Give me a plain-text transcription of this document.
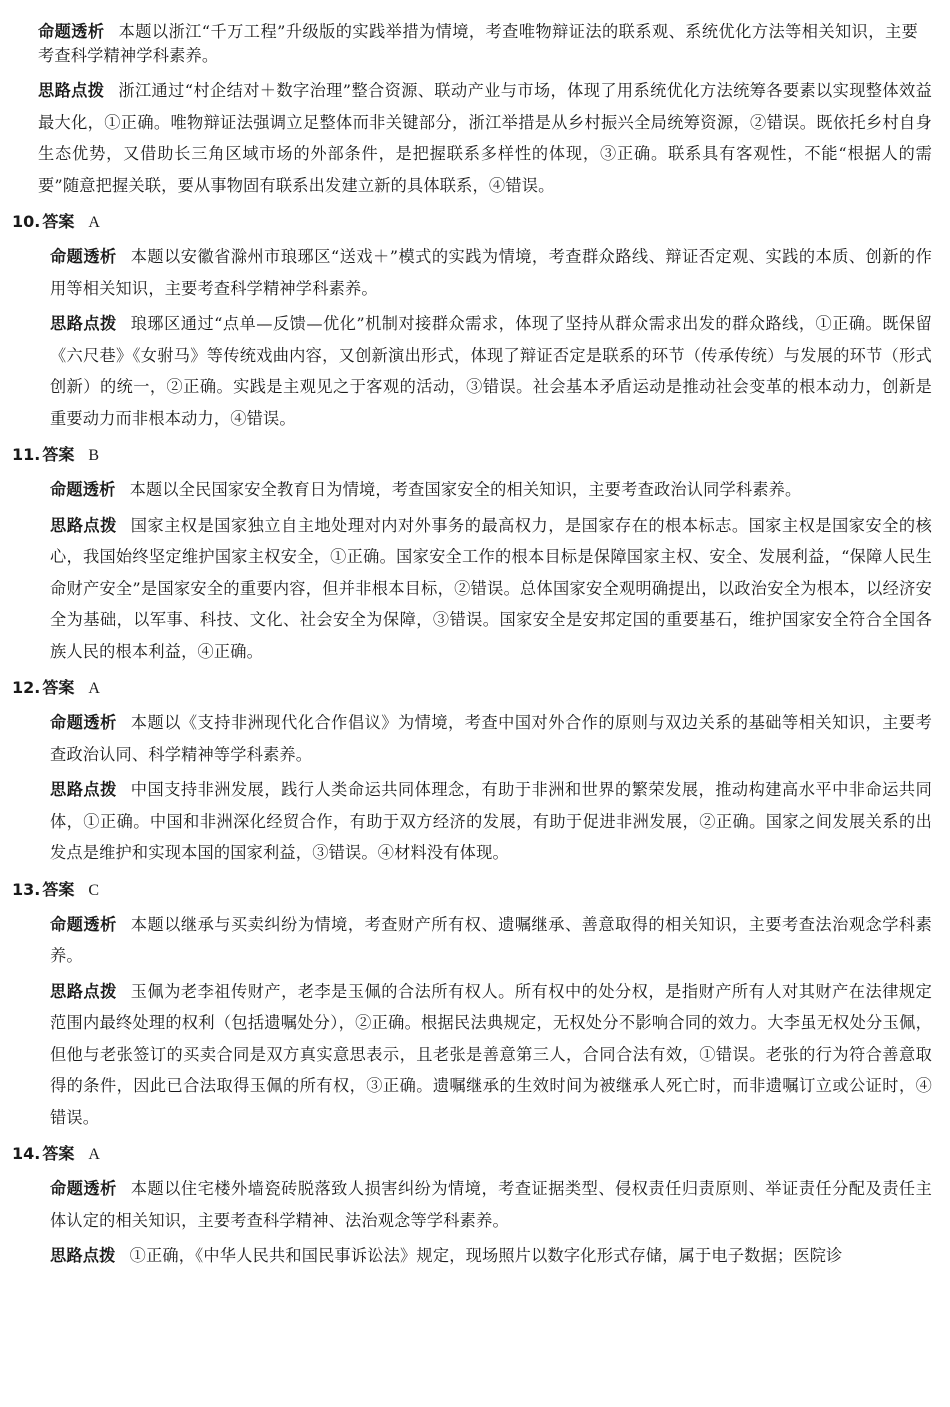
命题透析 本题以浙江“千万工程”升级版的实践举措为情境，考查唯物辩证法的联系观、系统优化方法等相关知识，主要

考查科学精神学科素养。

思路点拨 浙江通过“村企结对＋数字治理”整合资源、联动产业与市场，体现了用系统优化方法统筹各要素以实现整体效益最大化，①正确。唯物辩证法强调立足整体而非关键部分，浙江举措是从乡村振兴全局统筹资源，②错误。既依托乡村自身生态优势，又借助长三角区域市场的外部条件，是把握联系多样性的体现，③正确。联系具有客观性，不能“根据人的需要”随意把握关联，要从事物固有联系出发建立新的具体联系，④错误。

10. 答案 A

命题透析 本题以安徽省滁州市琅琊区“送戏＋”模式的实践为情境，考查群众路线、辩证否定观、实践的本质、创新的作用等相关知识，主要考查科学精神学科素养。

思路点拨 琅琊区通过“点单—反馈—优化”机制对接群众需求，体现了坚持从群众需求出发的群众路线，①正确。既保留《六尺巷》《女驸马》等传统戏曲内容，又创新演出形式，体现了辩证否定是联系的环节（传承传统）与发展的环节（形式创新）的统一，②正确。实践是主观见之于客观的活动，③错误。社会基本矛盾运动是推动社会变革的根本动力，创新是重要动力而非根本动力，④错误。

11. 答案 B

命题透析 本题以全民国家安全教育日为情境，考查国家安全的相关知识，主要考查政治认同学科素养。

思路点拨 国家主权是国家独立自主地处理对内对外事务的最高权力，是国家存在的根本标志。国家主权是国家安全的核心，我国始终坚定维护国家主权安全，①正确。国家安全工作的根本目标是保障国家主权、安全、发展利益，“保障人民生命财产安全”是国家安全的重要内容，但并非根本目标，②错误。总体国家安全观明确提出，以政治安全为根本，以经济安全为基础，以军事、科技、文化、社会安全为保障，③错误。国家安全是安邦定国的重要基石，维护国家安全符合全国各族人民的根本利益，④正确。

12. 答案 A

命题透析 本题以《支持非洲现代化合作倡议》为情境，考查中国对外合作的原则与双边关系的基础等相关知识，主要考查政治认同、科学精神等学科素养。

思路点拨 中国支持非洲发展，践行人类命运共同体理念，有助于非洲和世界的繁荣发展，推动构建高水平中非命运共同体，①正确。中国和非洲深化经贸合作，有助于双方经济的发展，有助于促进非洲发展，②正确。国家之间发展关系的出发点是维护和实现本国的国家利益，③错误。④材料没有体现。

13. 答案 C

命题透析 本题以继承与买卖纠纷为情境，考查财产所有权、遗嘱继承、善意取得的相关知识，主要考查法治观念学科素养。

思路点拨 玉佩为老李祖传财产，老李是玉佩的合法所有权人。所有权中的处分权，是指财产所有人对其财产在法律规定范围内最终处理的权利（包括遗嘱处分），②正确。根据民法典规定，无权处分不影响合同的效力。大李虽无权处分玉佩，但他与老张签订的买卖合同是双方真实意思表示，且老张是善意第三人，合同合法有效，①错误。老张的行为符合善意取得的条件，因此已合法取得玉佩的所有权，③正确。遗嘱继承的生效时间为被继承人死亡时，而非遗嘱订立或公证时，④错误。

14. 答案 A

命题透析 本题以住宅楼外墙瓷砖脱落致人损害纠纷为情境，考查证据类型、侵权责任归责原则、举证责任分配及责任主体认定的相关知识，主要考查科学精神、法治观念等学科素养。

思路点拨 ①正确，《中华人民共和国民事诉讼法》规定，现场照片以数字化形式存储，属于电子数据；医院诊
